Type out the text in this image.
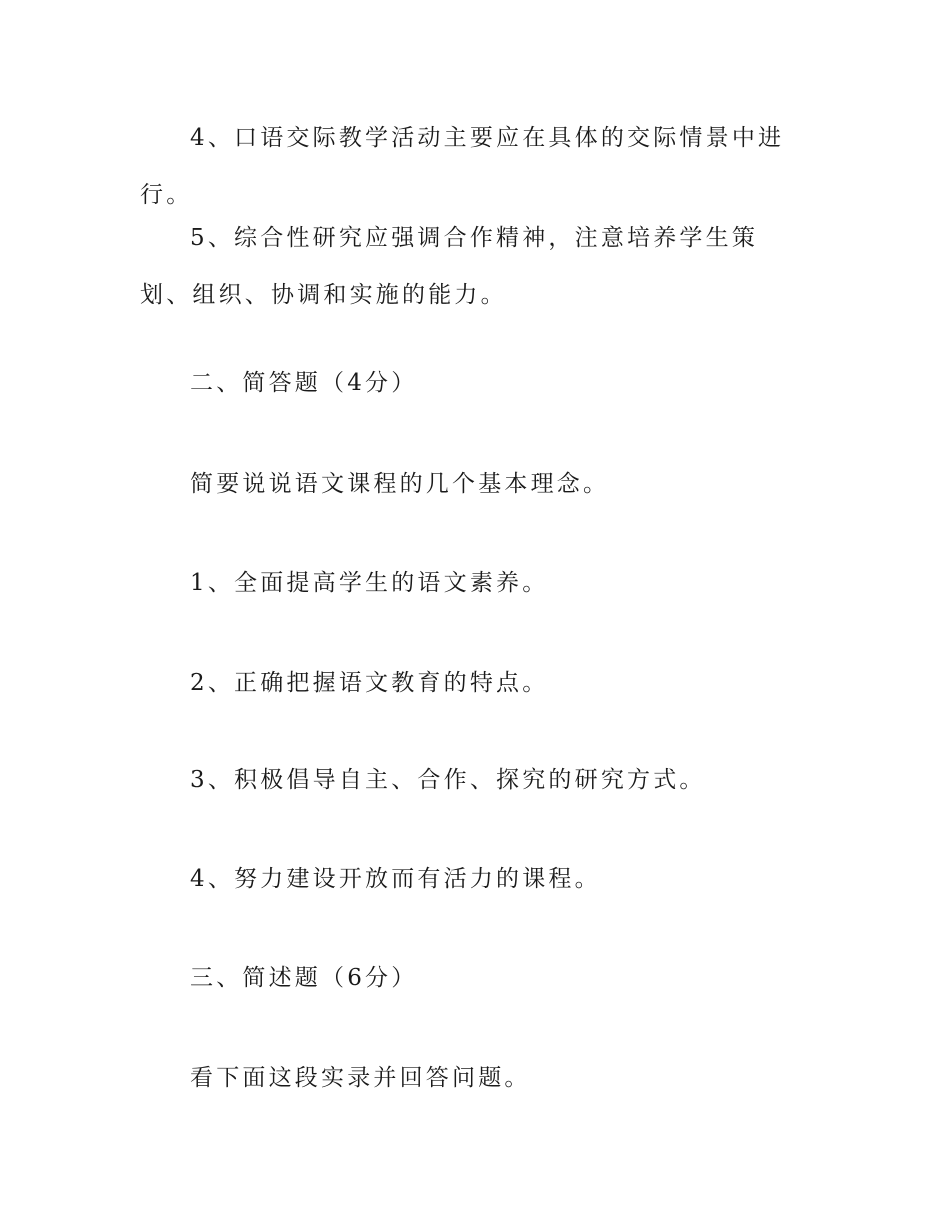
4、口语交际教学活动主要应在具体的交际情景中进行。

5、综合性研究应强调合作精神，注意培养学生策划、组织、协调和实施的能力。

二、简答题（4分）

简要说说语文课程的几个基本理念。

1、全面提高学生的语文素养。

2、正确把握语文教育的特点。

3、积极倡导自主、合作、探究的研究方式。

4、努力建设开放而有活力的课程。

三、简述题（6分）

看下面这段实录并回答问题。
